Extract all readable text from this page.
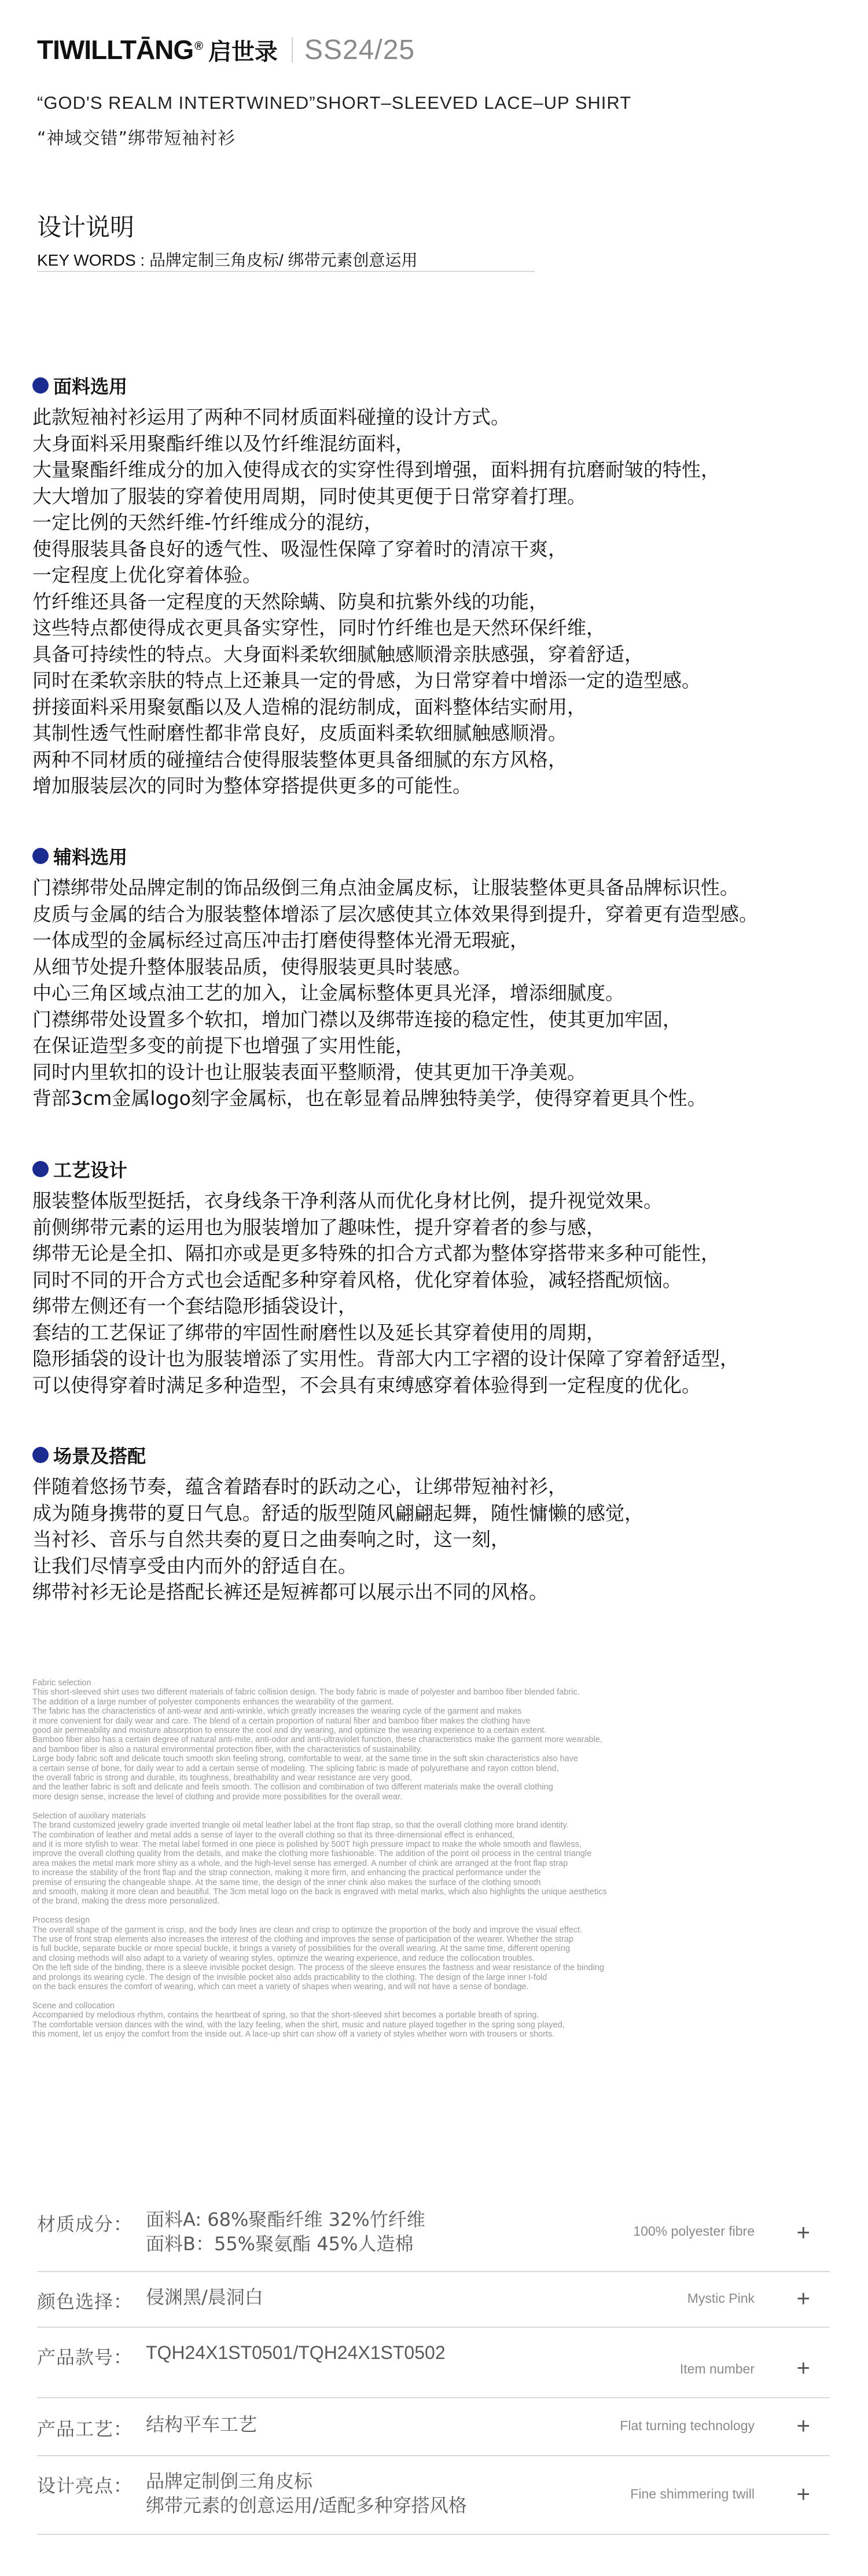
TIWILLTĀNG ® 启世录 SS24/25
“GOD'S REALM INTERTWINED”SHORT–SLEEVED LACE–UP SHIRT
“神域交错”绑带短袖衬衫
设计说明
KEY WORDS : 品牌定制三角皮标/ 绑带元素创意运用
面料选用
此款短袖衬衫运用了两种不同材质面料碰撞的设计方式。
大身面料采用聚酯纤维以及竹纤维混纺面料，
大量聚酯纤维成分的加入使得成衣的实穿性得到增强，面料拥有抗磨耐皱的特性，
大大增加了服装的穿着使用周期，同时使其更便于日常穿着打理。
一定比例的天然纤维-竹纤维成分的混纺，
使得服装具备良好的透气性、吸湿性保障了穿着时的清凉干爽，
一定程度上优化穿着体验。
竹纤维还具备一定程度的天然除螨、防臭和抗紫外线的功能，
这些特点都使得成衣更具备实穿性，同时竹纤维也是天然环保纤维，
具备可持续性的特点。大身面料柔软细腻触感顺滑亲肤感强，穿着舒适，
同时在柔软亲肤的特点上还兼具一定的骨感，为日常穿着中增添一定的造型感。
拼接面料采用聚氨酯以及人造棉的混纺制成，面料整体结实耐用，
其制性透气性耐磨性都非常良好，皮质面料柔软细腻触感顺滑。
两种不同材质的碰撞结合使得服装整体更具备细腻的东方风格，
增加服装层次的同时为整体穿搭提供更多的可能性。
辅料选用
门襟绑带处品牌定制的饰品级倒三角点油金属皮标，让服装整体更具备品牌标识性。
皮质与金属的结合为服装整体增添了层次感使其立体效果得到提升，穿着更有造型感。
一体成型的金属标经过高压冲击打磨使得整体光滑无瑕疵，
从细节处提升整体服装品质，使得服装更具时装感。
中心三角区域点油工艺的加入，让金属标整体更具光泽，增添细腻度。
门襟绑带处设置多个软扣，增加门襟以及绑带连接的稳定性，使其更加牢固，
在保证造型多变的前提下也增强了实用性能，
同时内里软扣的设计也让服装表面平整顺滑，使其更加干净美观。
背部3cm金属logo刻字金属标，也在彰显着品牌独特美学，使得穿着更具个性。
工艺设计
服装整体版型挺括，衣身线条干净利落从而优化身材比例，提升视觉效果。
前侧绑带元素的运用也为服装增加了趣味性，提升穿着者的参与感，
绑带无论是全扣、隔扣亦或是更多特殊的扣合方式都为整体穿搭带来多种可能性，
同时不同的开合方式也会适配多种穿着风格，优化穿着体验，减轻搭配烦恼。
绑带左侧还有一个套结隐形插袋设计，
套结的工艺保证了绑带的牢固性耐磨性以及延长其穿着使用的周期，
隐形插袋的设计也为服装增添了实用性。背部大内工字褶的设计保障了穿着舒适型，
可以使得穿着时满足多种造型，不会具有束缚感穿着体验得到一定程度的优化。
场景及搭配
伴随着悠扬节奏，蕴含着踏春时的跃动之心，让绑带短袖衬衫，
成为随身携带的夏日气息。舒适的版型随风翩翩起舞，随性慵懒的感觉，
当衬衫、音乐与自然共奏的夏日之曲奏响之时，这一刻，
让我们尽情享受由内而外的舒适自在。
绑带衬衫无论是搭配长裤还是短裤都可以展示出不同的风格。
Fabric selection
This short-sleeved shirt uses two different materials of fabric collision design. The body fabric is made of polyester and bamboo fiber blended fabric.
The addition of a large number of polyester components enhances the wearability of the garment.
The fabric has the characteristics of anti-wear and anti-wrinkle, which greatly increases the wearing cycle of the garment and makes
it more convenient for daily wear and care. The blend of a certain proportion of natural fiber and bamboo fiber makes the clothing have
good air permeability and moisture absorption to ensure the cool and dry wearing, and optimize the wearing experience to a certain extent.
Bamboo fiber also has a certain degree of natural anti-mite, anti-odor and anti-ultraviolet function, these characteristics make the garment more wearable,
and bamboo fiber is also a natural environmental protection fiber, with the characteristics of sustainability.
Large body fabric soft and delicate touch smooth skin feeling strong, comfortable to wear, at the same time in the soft skin characteristics also have
a certain sense of bone, for daily wear to add a certain sense of modeling. The splicing fabric is made of polyurethane and rayon cotton blend,
the overall fabric is strong and durable, its toughness, breathability and wear resistance are very good,
and the leather fabric is soft and delicate and feels smooth. The collision and combination of two different materials make the overall clothing
more design sense, increase the level of clothing and provide more possibilities for the overall wear.

Selection of auxiliary materials
The brand customized jewelry grade inverted triangle oil metal leather label at the front flap strap, so that the overall clothing more brand identity.
The combination of leather and metal adds a sense of layer to the overall clothing so that its three-dimensional effect is enhanced,
and it is more stylish to wear. The metal label formed in one piece is polished by 500T high pressure impact to make the whole smooth and flawless,
improve the overall clothing quality from the details, and make the clothing more fashionable. The addition of the point oil process in the central triangle
area makes the metal mark more shiny as a whole, and the high-level sense has emerged. A number of chink are arranged at the front flap strap
to increase the stability of the front flap and the strap connection, making it more firm, and enhancing the practical performance under the
premise of ensuring the changeable shape. At the same time, the design of the inner chink also makes the surface of the clothing smooth
and smooth, making it more clean and beautiful. The 3cm metal logo on the back is engraved with metal marks, which also highlights the unique aesthetics
of the brand, making the dress more personalized.

Process design
The overall shape of the garment is crisp, and the body lines are clean and crisp to optimize the proportion of the body and improve the visual effect.
The use of front strap elements also increases the interest of the clothing and improves the sense of participation of the wearer. Whether the strap
is full buckle, separate buckle or more special buckle, it brings a variety of possibilities for the overall wearing. At the same time, different opening
and closing methods will also adapt to a variety of wearing styles, optimize the wearing experience, and reduce the collocation troubles.
On the left side of the binding, there is a sleeve invisible pocket design. The process of the sleeve ensures the fastness and wear resistance of the binding
and prolongs its wearing cycle. The design of the invisible pocket also adds practicability to the clothing. The design of the large inner I-fold
on the back ensures the comfort of wearing, which can meet a variety of shapes when wearing, and will not have a sense of bondage.

Scene and collocation
Accompanied by melodious rhythm, contains the heartbeat of spring, so that the short-sleeved shirt becomes a portable breath of spring.
The comfortable version dances with the wind, with the lazy feeling, when the shirt, music and nature played together in the spring song played,
this moment, let us enjoy the comfort from the inside out. A lace-up shirt can show off a variety of styles whether worn with trousers or shorts.
材质成分： 面料A: 68%聚酯纤维 32%竹纤维
面料B：55%聚氨酯 45%人造棉
100% polyester fibre +
颜色选择： 侵渊黑/晨洞白	Mystic Pink +
产品款号： TQH24X1ST0501/TQH24X1ST0502
Item number +
产品工艺： 结构平车工艺	Flat turning technology +
设计亮点： 品牌定制倒三角皮标
绑带元素的创意运用/适配多种穿搭风格
Fine shimmering twill +
